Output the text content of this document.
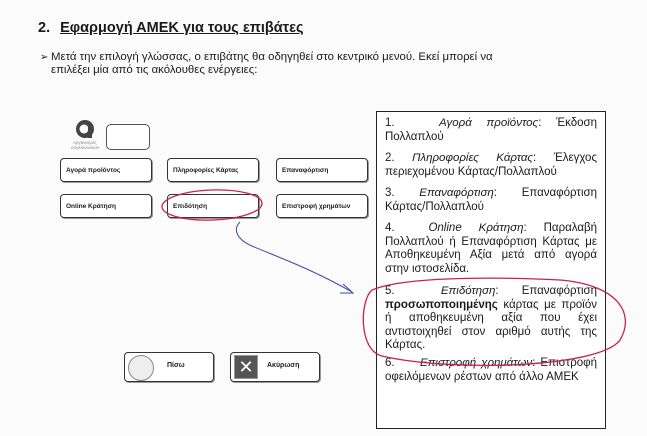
2. Εφαρμογή ΑΜΕΚ για τους επιβάτες
➢ Μετά την επιλογή γλώσσας, ο επιβάτης θα οδηγηθεί στο κεντρικό μενού. Εκεί μπορεί να
επιλέξει μία από τις ακόλουθες ενέργειες:
οργανισμός συγκοινωνιών
Αγορά προϊόντος	Πληροφορίες Κάρτας	Επαναφόρτιση
Online Κράτηση	Επιδότηση	Επιστροφή χρημάτων
Πίσω	✕	Ακύρωση
1.	Αγορά προϊόντος: Έκδοση Πολλαπλού
2. Πληροφορίες Κάρτας: Έλεγχος περιεχομένου Κάρτας/Πολλαπλού
3. Επαναφόρτιση: Επαναφόρτιση Κάρτας/Πολλαπλού
4.	Online Κράτηση: Παραλαβή Πολλαπλού ή Επαναφόρτιση Κάρτας με Αποθηκευμένη Αξία μετά από αγορά στην ιστοσελίδα.
5.	Επιδότηση: Επαναφόρτιση προσωποποιημένης κάρτας με προϊόν ή αποθηκευμένη αξία που έχει αντιστοιχηθεί στον αριθμό αυτής της Κάρτας.
6. Επιστροφή χρημάτων: Επιστροφή οφειλόμενων ρέστων από άλλο ΑΜΕΚ
